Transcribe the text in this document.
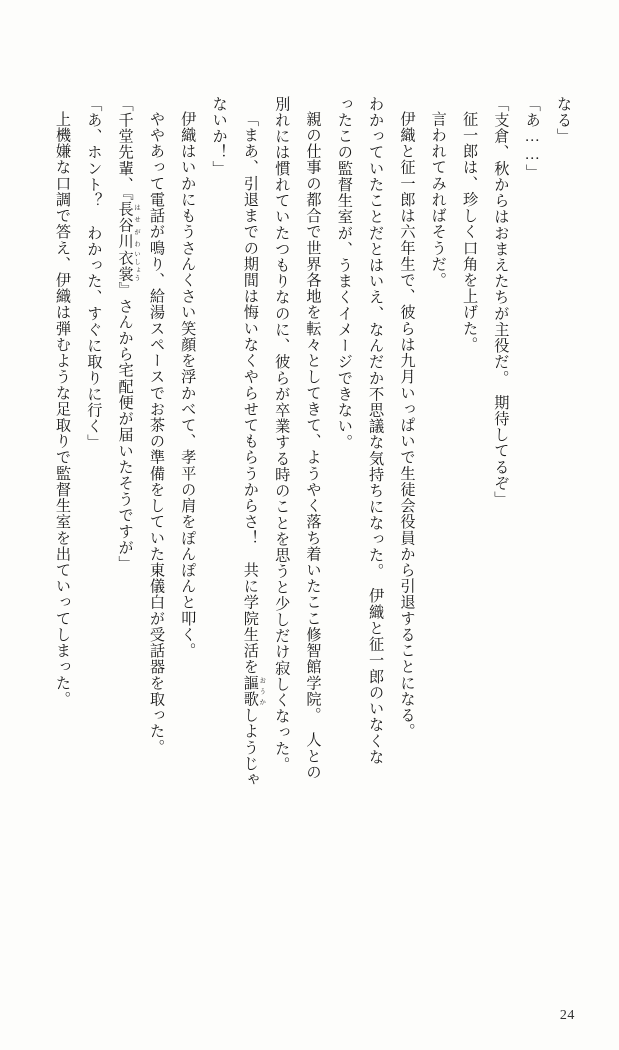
なる」

「あ……」

「支倉、秋からはおまえたちが主役だ。　期待してるぞ」

征一郎は、珍しく口角を上げた。

言われてみればそうだ。

伊織と征一郎は六年生で、彼らは九月いっぱいで生徒会役員から引退することになる。

わかっていたことだとはいえ、なんだか不思議な気持ちになった。　伊織と征一郎のいなくな

ったこの監督生室が、うまくイメージできない。

親の仕事の都合で世界各地を転々としてきて、ようやく落ち着いたここ修智館学院。　人との

別れには慣れていたつもりなのに、彼らが卒業する時のことを思うと少しだけ寂しくなった。

「まあ、引退までの期間は悔いなくやらせてもらうからさ！　共に学院生活を謳歌 おうかしようじゃ

ないか！」

伊織はいかにもうさんくさい笑顔を浮かべて、孝平の肩をぽんぽんと叩く。

ややあって電話が鳴り、給湯スペースでお茶の準備をしていた東儀白が受話器を取った。

「千堂先輩、『長谷川 はせがわ衣裳 いしょう』さんから宅配便が届いたそうですが」

「あ、ホント？　わかった、すぐに取りに行く」

上機嫌な口調で答え、伊織は弾むような足取りで監督生室を出ていってしまった。

24
